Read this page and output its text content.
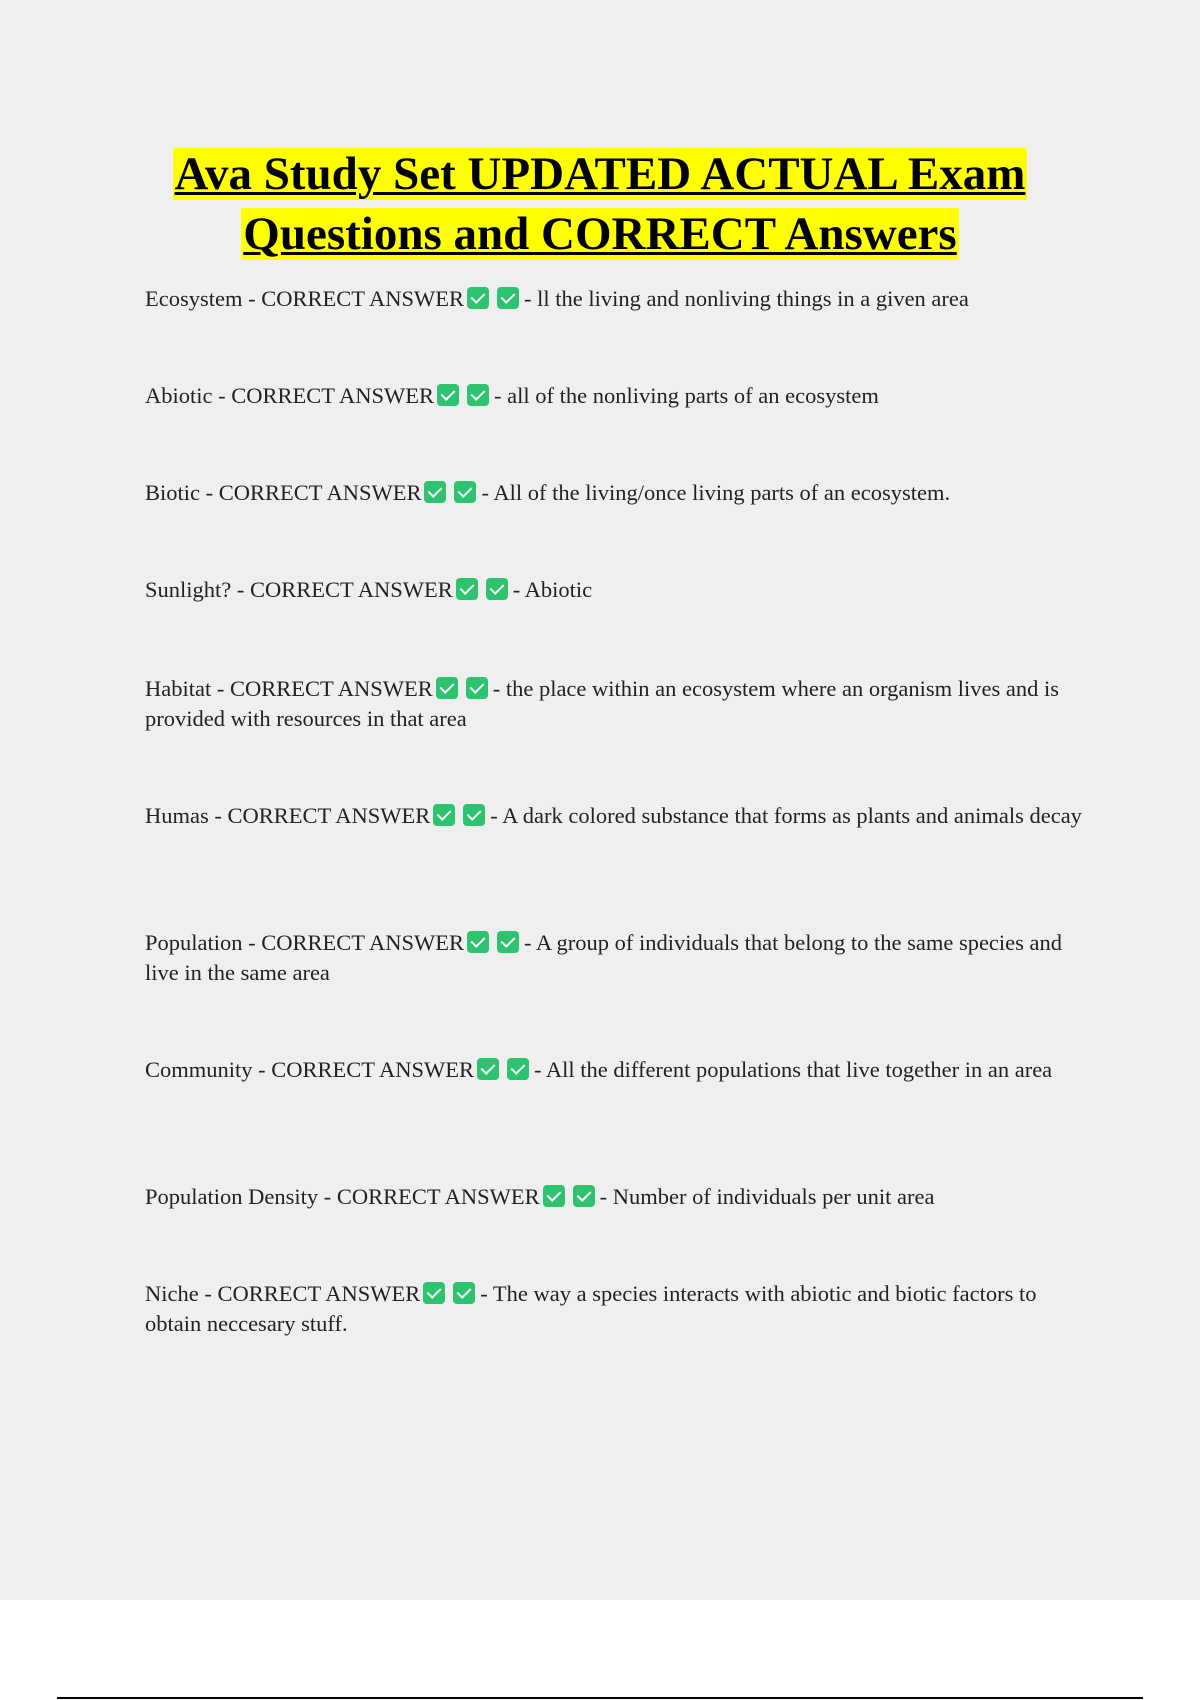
Ava Study Set UPDATED ACTUAL Exam
Questions and CORRECT Answers

Ecosystem - CORRECT ANSWER	- ll the living and nonliving things in a given area

Abiotic - CORRECT ANSWER	- all of the nonliving parts of an ecosystem

Biotic - CORRECT ANSWER	- All of the living/once living parts of an ecosystem.

Sunlight? - CORRECT ANSWER	- Abiotic

Habitat - CORRECT ANSWER	- the place within an ecosystem where an organism lives and is provided with resources in that area

Humas - CORRECT ANSWER	- A dark colored substance that forms as plants and animals decay

Population - CORRECT ANSWER	- A group of individuals that belong to the same species and live in the same area

Community - CORRECT ANSWER	- All the different populations that live together in an area

Population Density - CORRECT ANSWER	- Number of individuals per unit area

Niche - CORRECT ANSWER	- The way a species interacts with abiotic and biotic factors to obtain neccesary stuff.
